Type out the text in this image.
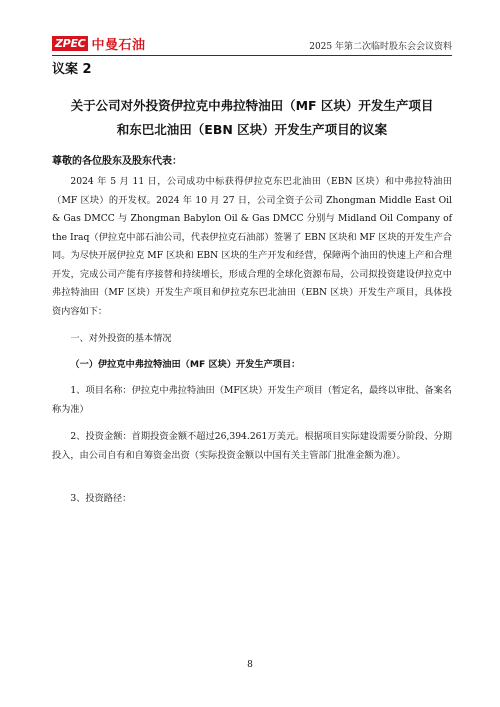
ZPEC 中曼石油	2025 年第二次临时股东会会议资料
议案 2
关于公司对外投资伊拉克中弗拉特油田（MF 区块）开发生产项目
和东巴北油田（EBN 区块）开发生产项目的议案
尊敬的各位股东及股东代表：

2024 年 5 月 11 日，公司成功中标获得伊拉克东巴北油田（EBN 区块）和中弗拉特油田（MF 区块）的开发权。2024 年 10 月 27 日，公司全资子公司 Zhongman Middle East Oil & Gas DMCC 与 Zhongman Babylon Oil & Gas DMCC 分别与 Midland Oil Company of the Iraq（伊拉克中部石油公司，代表伊拉克石油部）签署了 EBN 区块和 MF 区块的开发生产合同。为尽快开展伊拉克 MF 区块和 EBN 区块的生产开发和经营，保障两个油田的快速上产和合理开发，完成公司产能有序接替和持续增长，形成合理的全球化资源布局，公司拟投资建设伊拉克中弗拉特油田（MF 区块）开发生产项目和伊拉克东巴北油田（EBN 区块）开发生产项目，具体投资内容如下：

一、对外投资的基本情况
（一）伊拉克中弗拉特油田（MF 区块）开发生产项目：

1、项目名称：伊拉克中弗拉特油田（MF区块）开发生产项目（暂定名，最终以审批、备案名称为准）

2、投资金额：首期投资金额不超过26,394.261万美元。根据项目实际建设需要分阶段、分期投入，由公司自有和自筹资金出资（实际投资金额以中国有关主管部门批准金额为准）。

3、投资路径：

8
